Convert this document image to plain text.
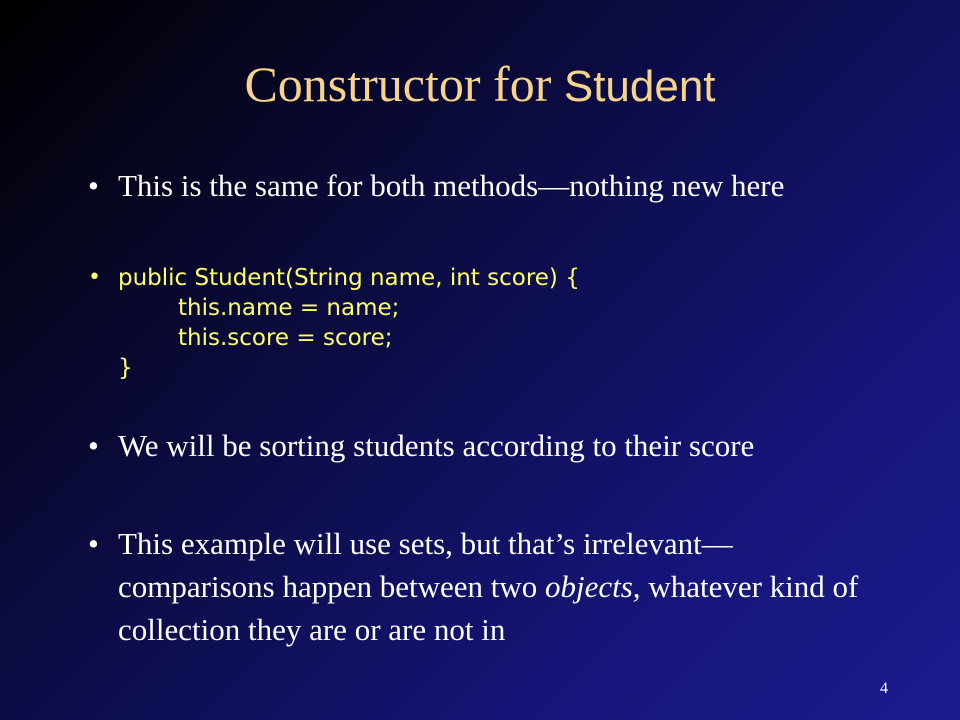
Constructor for Student
• This is the same for both methods—nothing new here
• public Student(String name, int score) {
this.name = name;
this.score = score;
}
• We will be sorting students according to their score
• This example will use sets, but that’s irrelevant—comparisons happen between two objects, whatever kind of collection they are or are not in
4
